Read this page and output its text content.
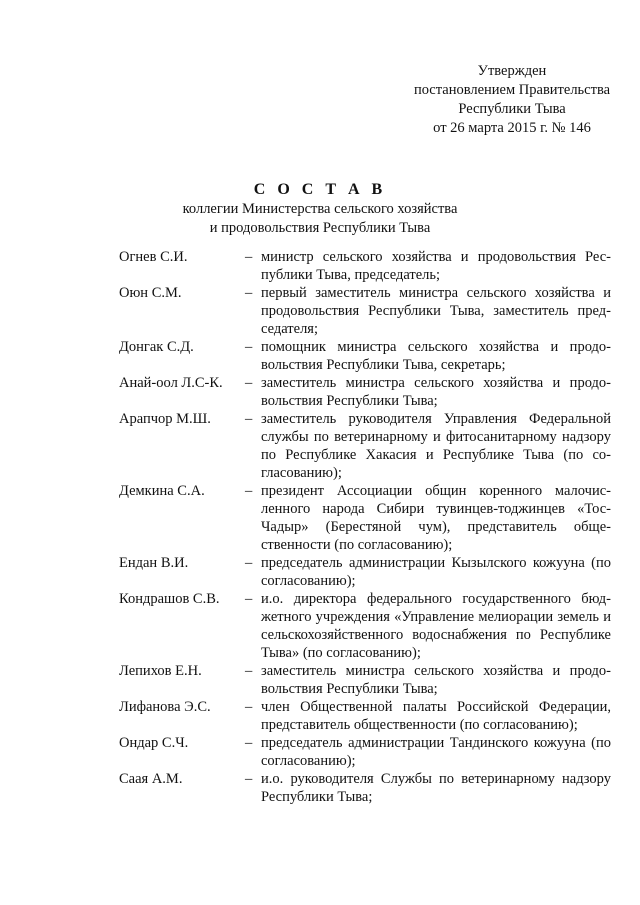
Утвержден
постановлением Правительства
Республики Тыва
от 26 марта 2015 г. № 146
С О С Т А В
коллегии Министерства сельского хозяйства
и продовольствия Республики Тыва
Огнев С.И.	– министр сельского хозяйства и продовольствия Республики Тыва, председатель;
Оюн С.М.	– первый заместитель министра сельского хозяйства и продовольствия Республики Тыва, заместитель председателя;
Донгак С.Д.	– помощник министра сельского хозяйства и продовольствия Республики Тыва, секретарь;
Анай-оол Л.С-К.	– заместитель министра сельского хозяйства и продовольствия Республики Тыва;
Арапчор М.Ш.	– заместитель руководителя Управления Федеральной службы по ветеринарному и фитосанитарному надзору по Республике Хакасия и Республике Тыва (по согласованию);
Демкина С.А.	– президент Ассоциации общин коренного малочисленного народа Сибири тувинцев-тоджинцев «Тос-Чадыр» (Берестяной чум), представитель общественности (по согласованию);
Ендан В.И.	– председатель администрации Кызылского кожууна (по согласованию);
Кондрашов С.В.	– и.о. директора федерального государственного бюджетного учреждения «Управление мелиорации земель и сельскохозяйственного водоснабжения по Республике Тыва» (по согласованию);
Лепихов Е.Н.	– заместитель министра сельского хозяйства и продовольствия Республики Тыва;
Лифанова Э.С.	– член Общественной палаты Российской Федерации, представитель общественности (по согласованию);
Ондар С.Ч.	– председатель администрации Тандинского кожууна (по согласованию);
Саая А.М.	– и.о. руководителя Службы по ветеринарному надзору Республики Тыва;
